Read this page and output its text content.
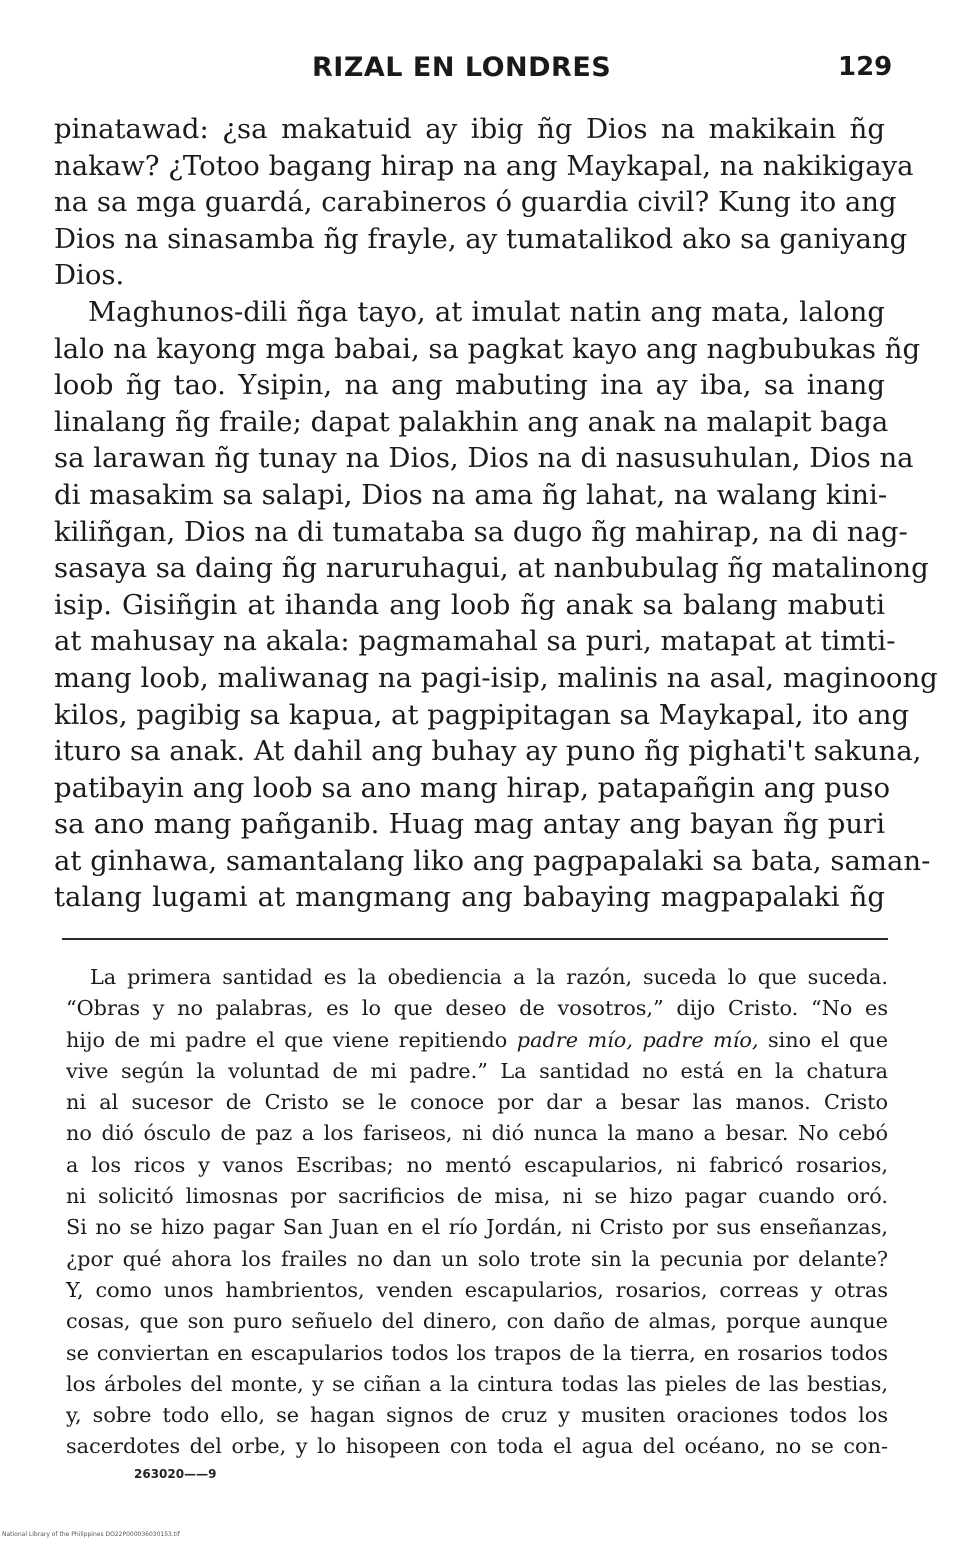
RIZAL EN LONDRES	129
pinatawad: ¿sa makatuid ay ibig ñg Dios na makikain ñg
nakaw? ¿Totoo bagang hirap na ang Maykapal, na nakikigaya
na sa mga guardá, carabineros ó guardia civil? Kung ito ang
Dios na sinasamba ñg frayle, ay tumatalikod ako sa ganiyang
Dios.
Maghunos-dili ñga tayo, at imulat natin ang mata, lalong
lalo na kayong mga babai, sa pagkat kayo ang nagbubukas ñg
loob ñg tao. Ysipin, na ang mabuting ina ay iba, sa inang
linalang ñg fraile; dapat palakhin ang anak na malapit baga
sa larawan ñg tunay na Dios, Dios na di nasusuhulan, Dios na
di masakim sa salapi, Dios na ama ñg lahat, na walang kini-
kiliñgan, Dios na di tumataba sa dugo ñg mahirap, na di nag-
sasaya sa daing ñg naruruhagui, at nanbubulag ñg matalinong
isip. Gisiñgin at ihanda ang loob ñg anak sa balang mabuti
at mahusay na akala: pagmamahal sa puri, matapat at timti-
mang loob, maliwanag na pagi-isip, malinis na asal, maginoong
kilos, pagibig sa kapua, at pagpipitagan sa Maykapal, ito ang
ituro sa anak. At dahil ang buhay ay puno ñg pighati't sakuna,
patibayin ang loob sa ano mang hirap, patapañgin ang puso
sa ano mang pañganib. Huag mag antay ang bayan ñg puri
at ginhawa, samantalang liko ang pagpapalaki sa bata, saman-
talang lugami at mangmang ang babaying magpapalaki ñg
La primera santidad es la obediencia a la razón, suceda lo que suceda.
“Obras y no palabras, es lo que deseo de vosotros,” dijo Cristo. “No es
hijo de mi padre el que viene repitiendo padre mío, padre mío, sino el que
vive según la voluntad de mi padre.” La santidad no está en la chatura
ni al sucesor de Cristo se le conoce por dar a besar las manos. Cristo
no dió ósculo de paz a los fariseos, ni dió nunca la mano a besar. No cebó
a los ricos y vanos Escribas; no mentó escapularios, ni fabricó rosarios,
ni solicitó limosnas por sacrificios de misa, ni se hizo pagar cuando oró.
Si no se hizo pagar San Juan en el río Jordán, ni Cristo por sus enseñanzas,
¿por qué ahora los frailes no dan un solo trote sin la pecunia por delante?
Y, como unos hambrientos, venden escapularios, rosarios, correas y otras
cosas, que son puro señuelo del dinero, con daño de almas, porque aunque
se conviertan en escapularios todos los trapos de la tierra, en rosarios todos
los árboles del monte, y se ciñan a la cintura todas las pieles de las bestias,
y, sobre todo ello, se hagan signos de cruz y musiten oraciones todos los
sacerdotes del orbe, y lo hisopeen con toda el agua del océano, no se con-
263020——9
National Library of the Philippines DO22P000036030153.tif
